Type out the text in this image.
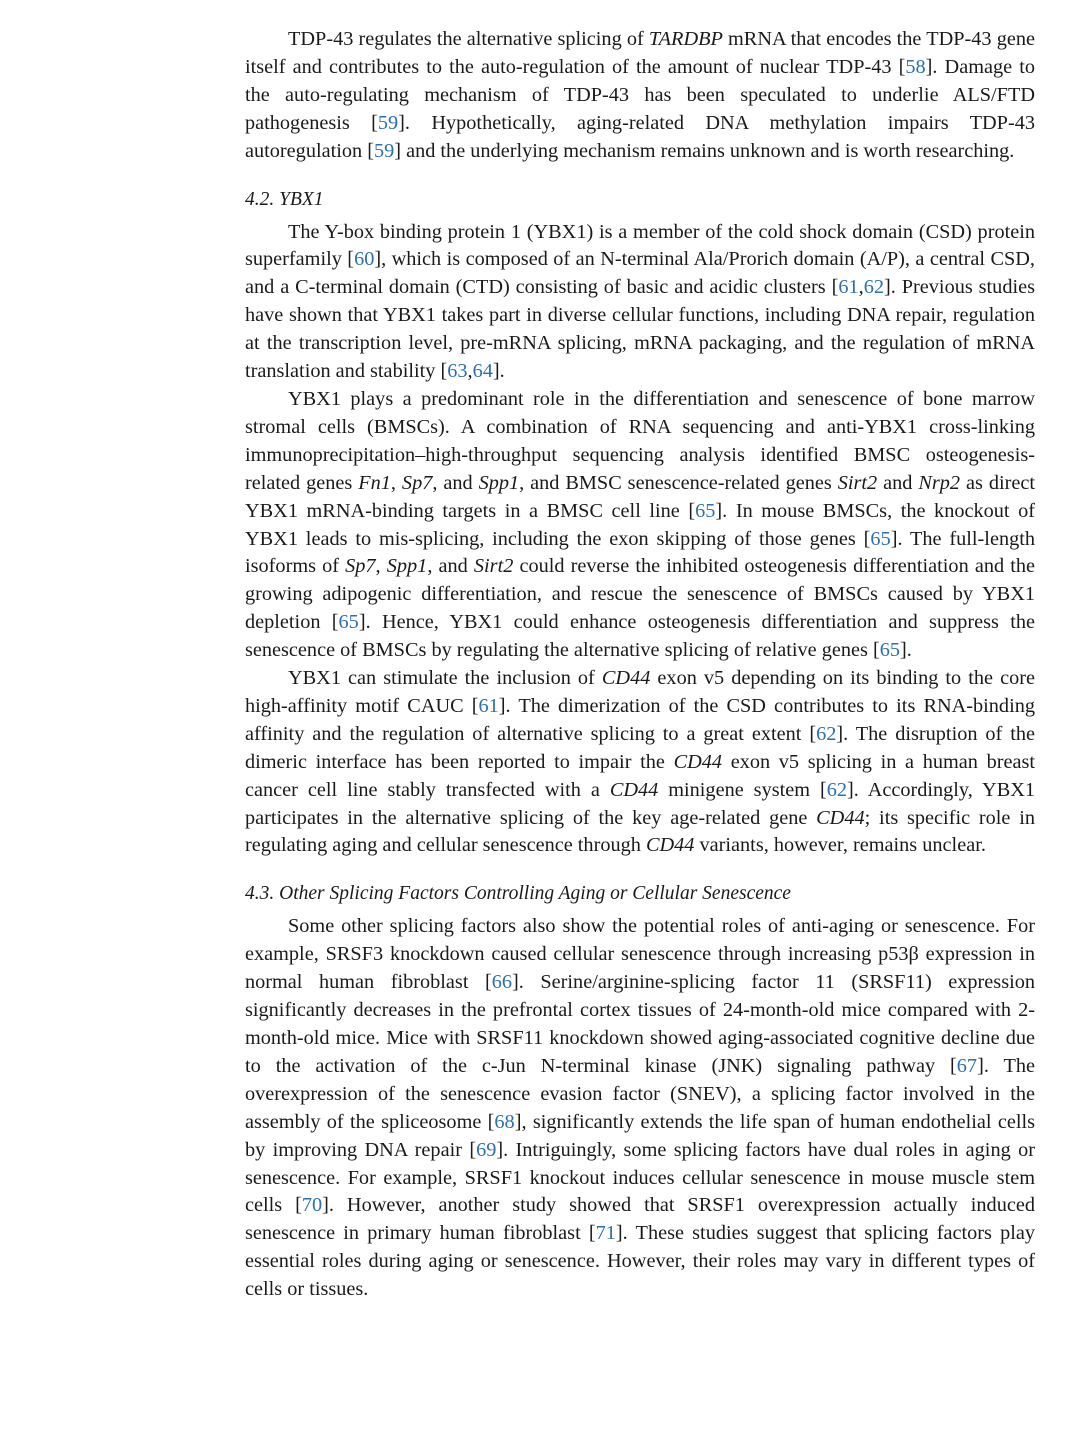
TDP-43 regulates the alternative splicing of TARDBP mRNA that encodes the TDP-43 gene itself and contributes to the auto-regulation of the amount of nuclear TDP-43 [58]. Damage to the auto-regulating mechanism of TDP-43 has been speculated to underlie ALS/FTD pathogenesis [59]. Hypothetically, aging-related DNA methylation impairs TDP-43 autoregulation [59] and the underlying mechanism remains unknown and is worth researching.

4.2. YBX1

The Y-box binding protein 1 (YBX1) is a member of the cold shock domain (CSD) protein superfamily [60], which is composed of an N-terminal Ala/Prorich domain (A/P), a central CSD, and a C-terminal domain (CTD) consisting of basic and acidic clusters [61,62]. Previous studies have shown that YBX1 takes part in diverse cellular functions, including DNA repair, regulation at the transcription level, pre-mRNA splicing, mRNA packaging, and the regulation of mRNA translation and stability [63,64].

YBX1 plays a predominant role in the differentiation and senescence of bone marrow stromal cells (BMSCs). A combination of RNA sequencing and anti-YBX1 cross-linking immunoprecipitation–high-throughput sequencing analysis identified BMSC osteogenesis-related genes Fn1, Sp7, and Spp1, and BMSC senescence-related genes Sirt2 and Nrp2 as direct YBX1 mRNA-binding targets in a BMSC cell line [65]. In mouse BMSCs, the knockout of YBX1 leads to mis-splicing, including the exon skipping of those genes [65]. The full-length isoforms of Sp7, Spp1, and Sirt2 could reverse the inhibited osteogenesis differentiation and the growing adipogenic differentiation, and rescue the senescence of BMSCs caused by YBX1 depletion [65]. Hence, YBX1 could enhance osteogenesis differentiation and suppress the senescence of BMSCs by regulating the alternative splicing of relative genes [65].

YBX1 can stimulate the inclusion of CD44 exon v5 depending on its binding to the core high-affinity motif CAUC [61]. The dimerization of the CSD contributes to its RNA-binding affinity and the regulation of alternative splicing to a great extent [62]. The disruption of the dimeric interface has been reported to impair the CD44 exon v5 splicing in a human breast cancer cell line stably transfected with a CD44 minigene system [62]. Accordingly, YBX1 participates in the alternative splicing of the key age-related gene CD44; its specific role in regulating aging and cellular senescence through CD44 variants, however, remains unclear.

4.3. Other Splicing Factors Controlling Aging or Cellular Senescence

Some other splicing factors also show the potential roles of anti-aging or senescence. For example, SRSF3 knockdown caused cellular senescence through increasing p53β expression in normal human fibroblast [66]. Serine/arginine-splicing factor 11 (SRSF11) expression significantly decreases in the prefrontal cortex tissues of 24-month-old mice compared with 2-month-old mice. Mice with SRSF11 knockdown showed aging-associated cognitive decline due to the activation of the c-Jun N-terminal kinase (JNK) signaling pathway [67]. The overexpression of the senescence evasion factor (SNEV), a splicing factor involved in the assembly of the spliceosome [68], significantly extends the life span of human endothelial cells by improving DNA repair [69]. Intriguingly, some splicing factors have dual roles in aging or senescence. For example, SRSF1 knockout induces cellular senescence in mouse muscle stem cells [70]. However, another study showed that SRSF1 overexpression actually induced senescence in primary human fibroblast [71]. These studies suggest that splicing factors play essential roles during aging or senescence. However, their roles may vary in different types of cells or tissues.
